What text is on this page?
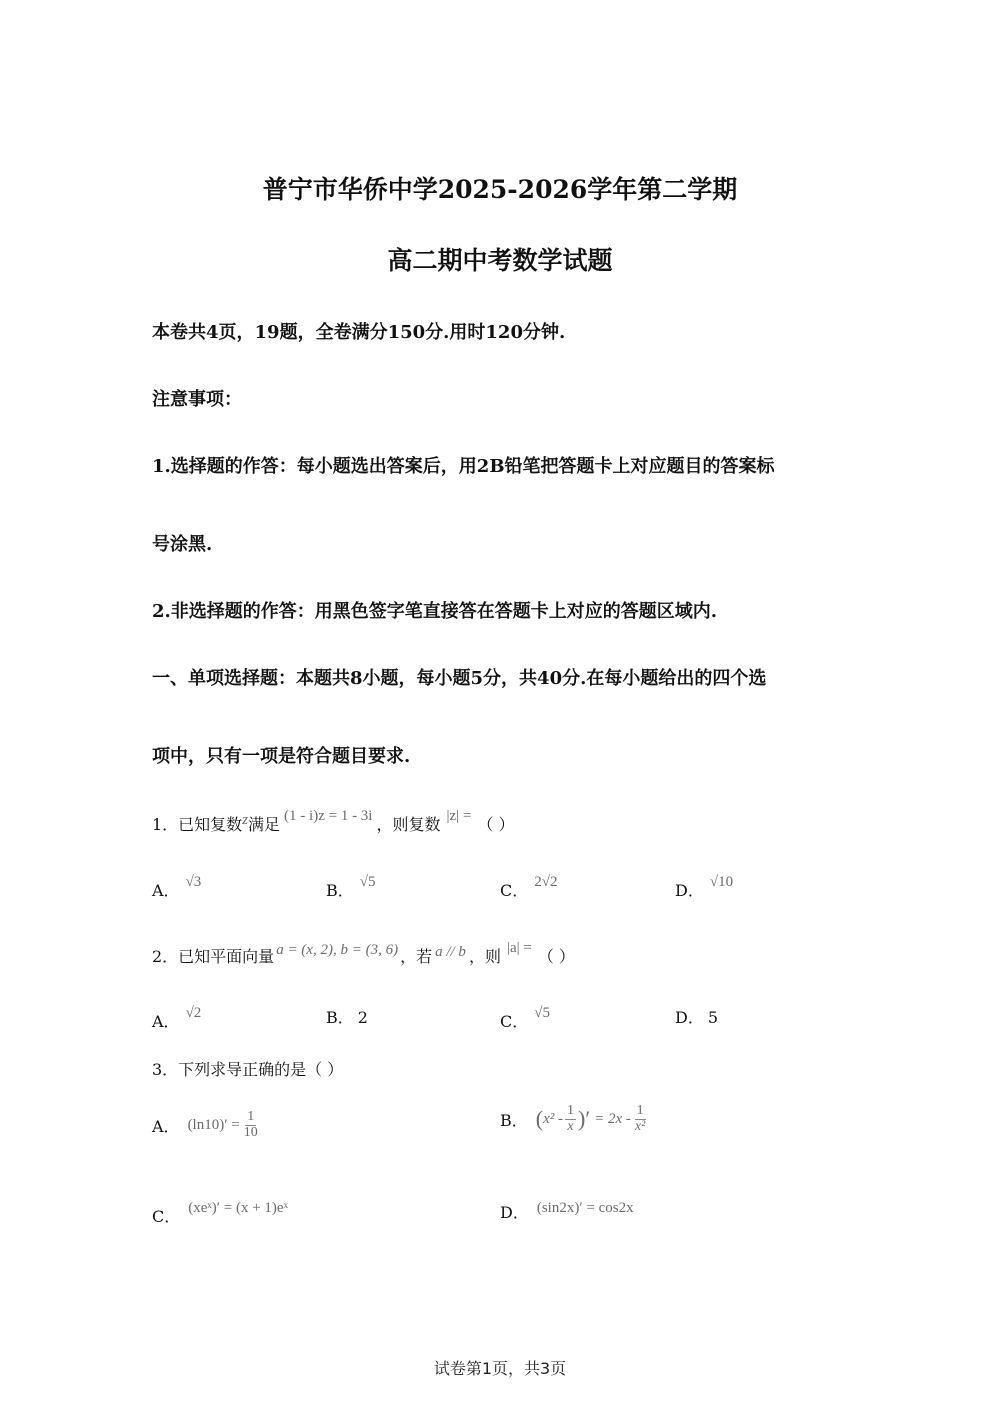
普宁市华侨中学2025-2026学年第二学期
高二期中考数学试题
本卷共4页，19题，全卷满分150分.用时120分钟.
注意事项：
1.选择题的作答：每小题选出答案后，用2B铅笔把答题卡上对应题目的答案标
号涂黑.
2.非选择题的作答：用黑色签字笔直接答在答题卡上对应的答题区域内.
一、单项选择题：本题共8小题，每小题5分，共40分.在每小题给出的四个选
项中，只有一项是符合题目要求.
1．已知复数z满足 (1 - i)z = 1 - 3i ，则复数 |z| = （ ）
A． √3	B． √5	C． 2√2	D． √10
2．已知平面向量 a = (x, 2), b = (3, 6) ，若 a // b ，则 |a| = （ ）
A． √2	B． 2	C． √5	D． 5
3．下列求导正确的是（ ）
A． $(\ln 10)' = \frac{1}{10}$	B． ( $x^2 - \frac{1}{x}$ )′ = $2x - \frac{1}{\text{x²}}$
C． (xeˣ)′ = (x + 1)eˣ	D． (sin2x)′ = cos2x
试卷第1页，共3页
